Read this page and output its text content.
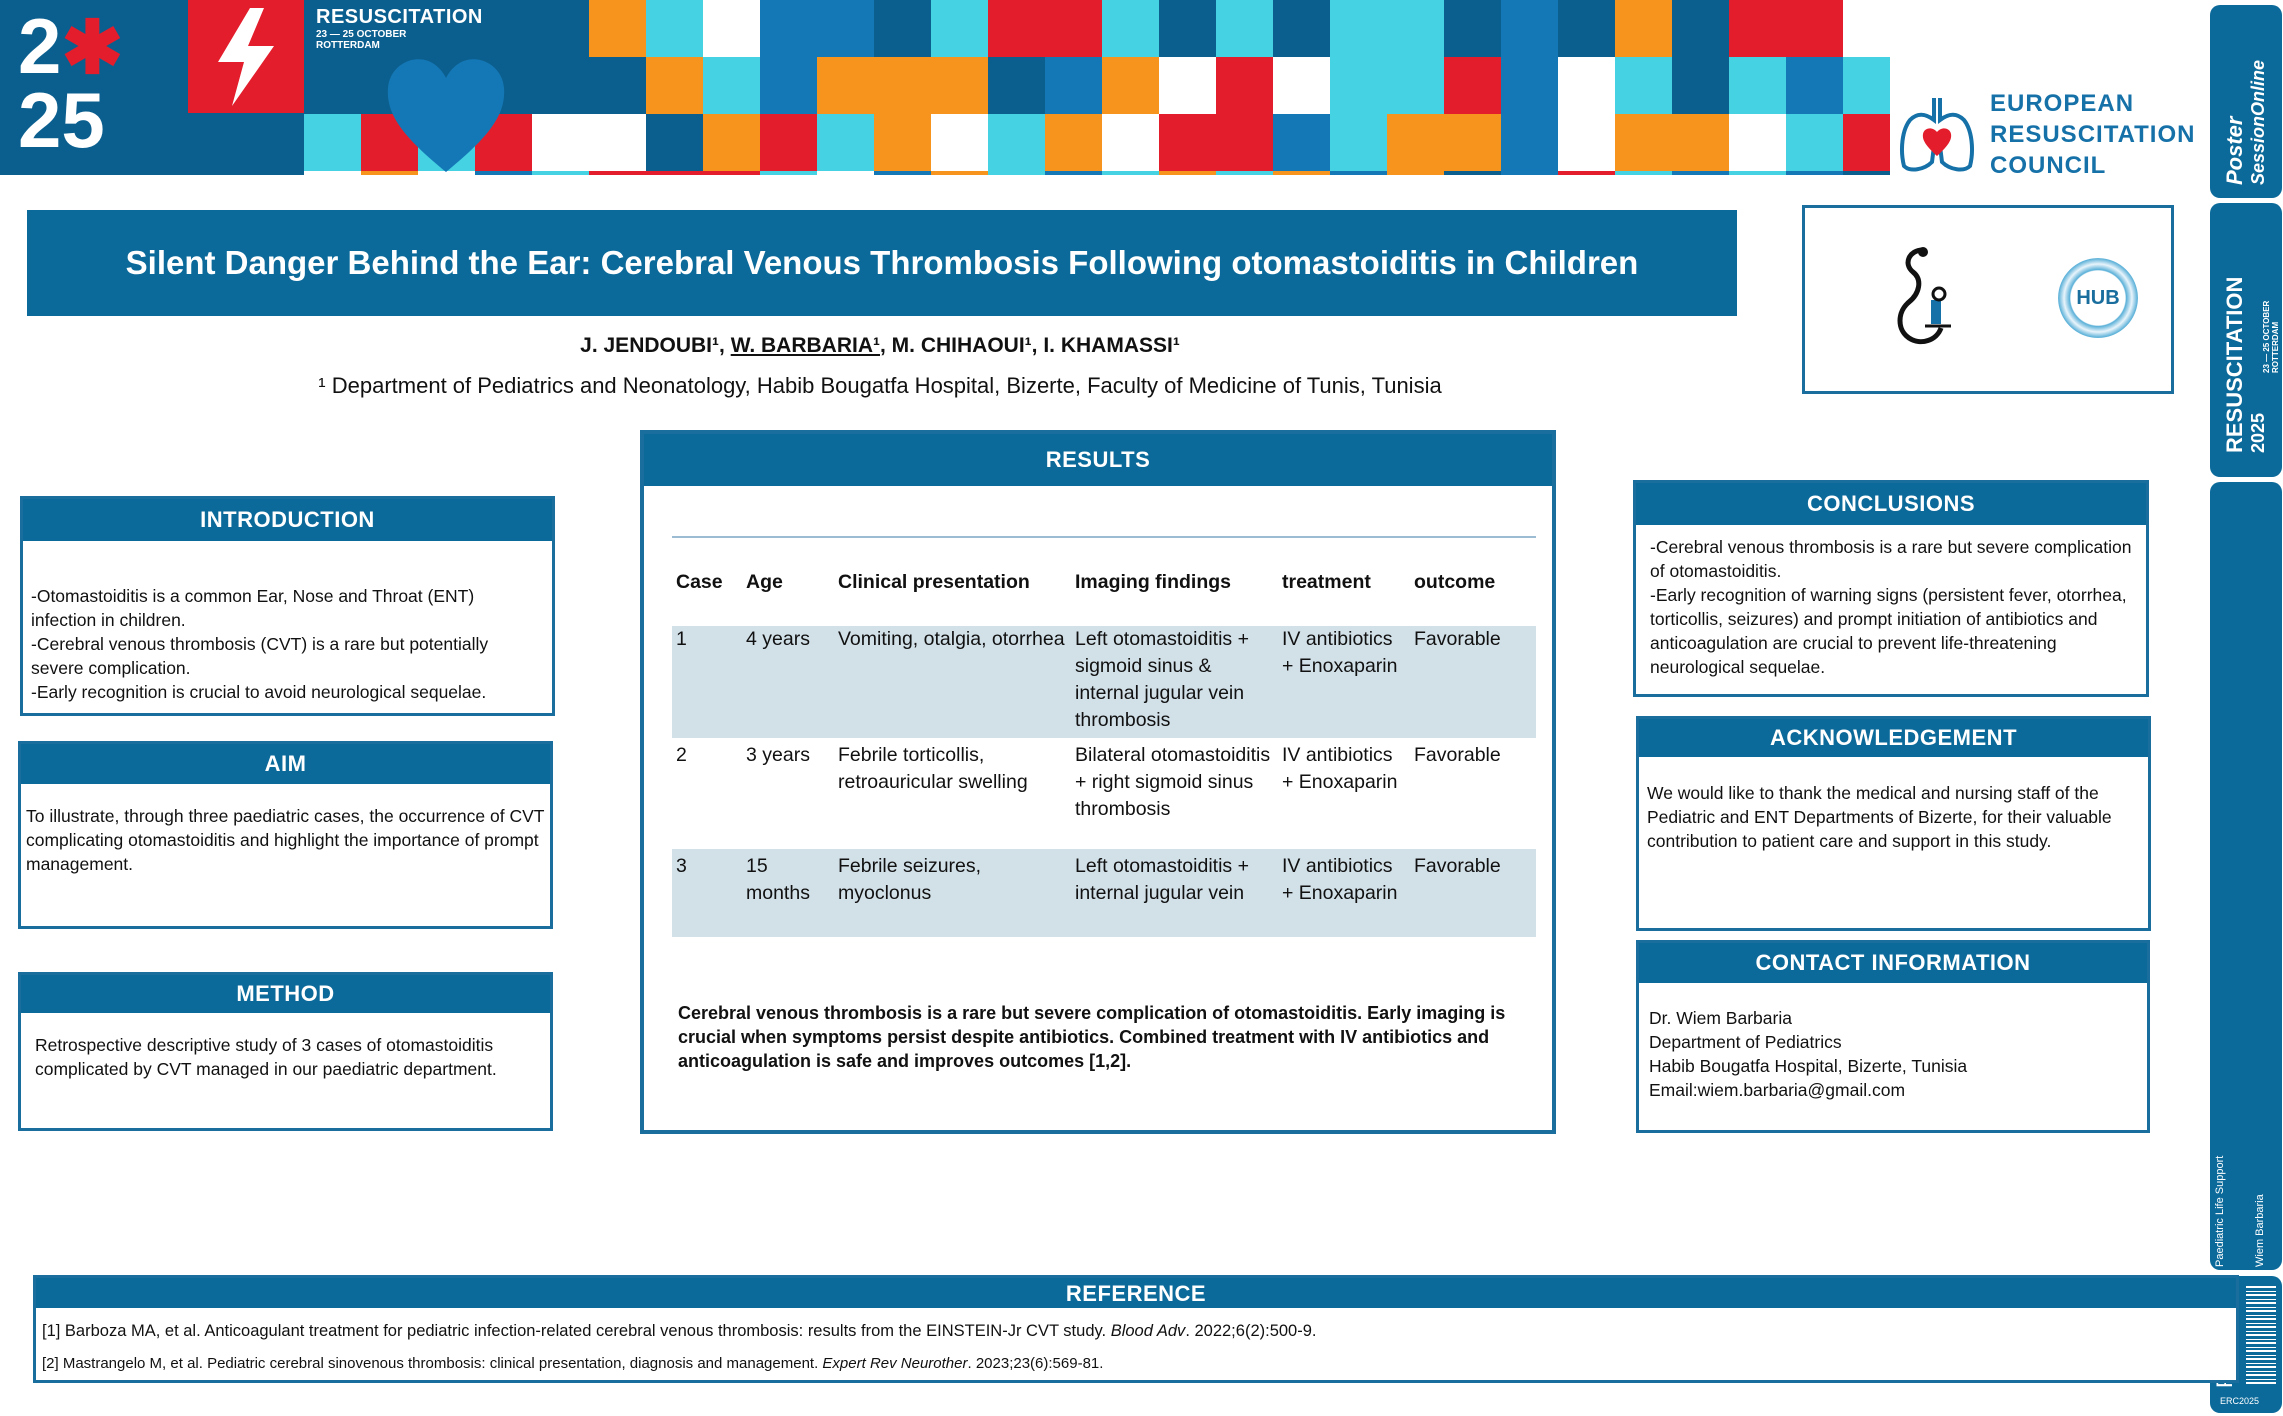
2✱
25
RESUSCITATION
23 — 25 OCTOBER
ROTTERDAM
EUROPEAN
RESUSCITATION
COUNCIL	Poster
SessionOnline
RESUSCITATION 2025
23 — 25 OCTOBER ROTTERDAM
Paediatric Life Support	Wiem Barbaria
ERC2025
Silent Danger Behind the Ear: Cerebral Venous Thrombosis Following otomastoiditis in Children
J. JENDOUBI¹, W. BARBARIA¹, M. CHIHAOUI¹, I. KHAMASSI¹
¹ Department of Pediatrics and Neonatology, Habib Bougatfa Hospital, Bizerte, Faculty of Medicine of Tunis, Tunisia
HUB
INTRODUCTION
-Otomastoiditis is a common Ear, Nose and Throat (ENT) infection in children.
-Cerebral venous thrombosis (CVT) is a rare but potentially severe complication.
-Early recognition is crucial to avoid neurological sequelae.
AIM
To illustrate, through three paediatric cases, the occurrence of CVT complicating otomastoiditis and highlight the importance of prompt management.
METHOD
Retrospective descriptive study of 3 cases of otomastoiditis complicated by CVT managed in our paediatric department.
RESULTS
Case	Age	Clinical presentation	Imaging findings	treatment	outcome
1	4 years	Vomiting, otalgia, otorrhea	Left otomastoiditis + sigmoid sinus & internal jugular vein thrombosis	IV antibiotics + Enoxaparin	Favorable
2	3 years	Febrile torticollis, retroauricular swelling	Bilateral otomastoiditis + right sigmoid sinus thrombosis	IV antibiotics + Enoxaparin	Favorable
3	15 months	Febrile seizures, myoclonus	Left otomastoiditis + internal jugular vein	IV antibiotics + Enoxaparin	Favorable
Cerebral venous thrombosis is a rare but severe complication of otomastoiditis. Early imaging is crucial when symptoms persist despite antibiotics. Combined treatment with IV antibiotics and anticoagulation is safe and improves outcomes [1,2].
CONCLUSIONS
-Cerebral venous thrombosis is a rare but severe complication of otomastoiditis.
-Early recognition of warning signs (persistent fever, otorrhea, torticollis, seizures) and prompt initiation of antibiotics and anticoagulation are crucial to prevent life-threatening neurological sequelae.
ACKNOWLEDGEMENT
We would like to thank the medical and nursing staff of the Pediatric and ENT Departments of Bizerte, for their valuable contribution to patient care and support in this study.
CONTACT INFORMATION
Dr. Wiem Barbaria
Department of Pediatrics
Habib Bougatfa Hospital, Bizerte, Tunisia
Email:wiem.barbaria@gmail.com
REFERENCE
[1] Barboza MA, et al. Anticoagulant treatment for pediatric infection-related cerebral venous thrombosis: results from the EINSTEIN-Jr CVT study. Blood Adv. 2022;6(2):500-9.
[2] Mastrangelo M, et al. Pediatric cerebral sinovenous thrombosis: clinical presentation, diagnosis and management. Expert Rev Neurother. 2023;23(6):569-81.
